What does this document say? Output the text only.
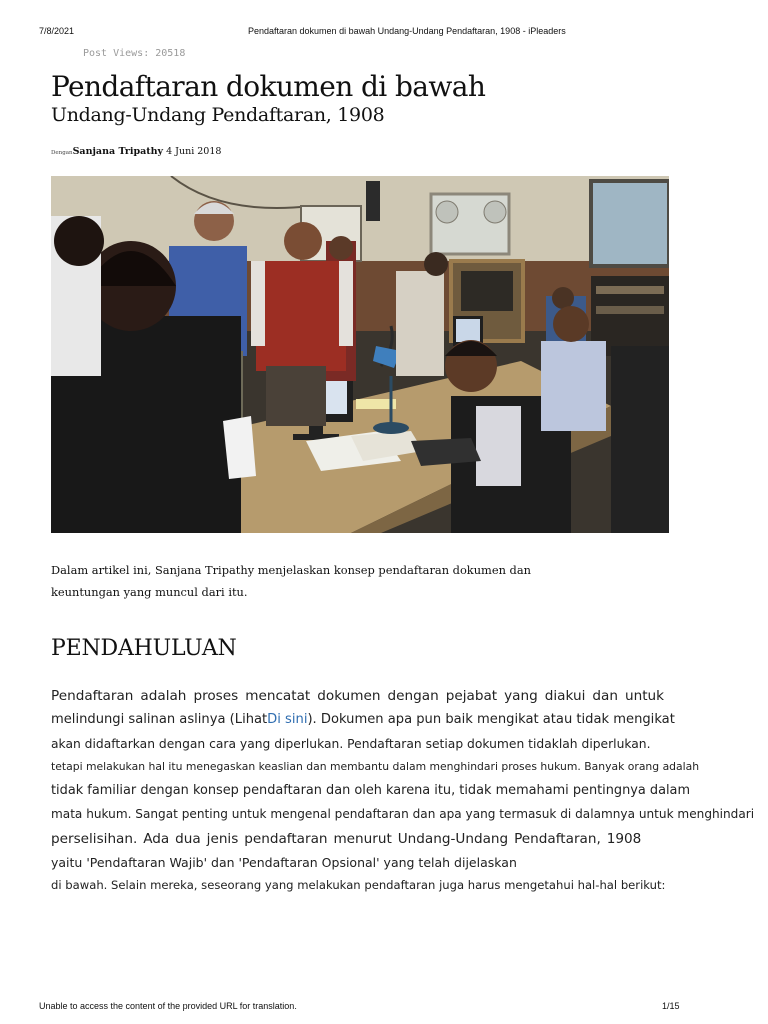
7/8/2021	Pendaftaran dokumen di bawah Undang-Undang Pendaftaran, 1908 - iPleaders
Post Views: 20518
Pendaftaran dokumen di bawah
Undang-Undang Pendaftaran, 1908
DenganSanjana Tripathy 4 Juni 2018
Dalam artikel ini, Sanjana Tripathy menjelaskan konsep pendaftaran dokumen dan
keuntungan yang muncul dari itu.
PENDAHULUAN
Pendaftaran adalah proses mencatat dokumen dengan pejabat yang diakui dan untuk
melindungi salinan aslinya (LihatDi sini). Dokumen apa pun baik mengikat atau tidak mengikat
akan didaftarkan dengan cara yang diperlukan. Pendaftaran setiap dokumen tidaklah diperlukan.
tetapi melakukan hal itu menegaskan keaslian dan membantu dalam menghindari proses hukum. Banyak orang adalah
tidak familiar dengan konsep pendaftaran dan oleh karena itu, tidak memahami pentingnya dalam
mata hukum. Sangat penting untuk mengenal pendaftaran dan apa yang termasuk di dalamnya untuk menghindari
perselisihan. Ada dua jenis pendaftaran menurut Undang-Undang Pendaftaran, 1908
yaitu 'Pendaftaran Wajib' dan 'Pendaftaran Opsional' yang telah dijelaskan
di bawah. Selain mereka, seseorang yang melakukan pendaftaran juga harus mengetahui hal-hal berikut:
Unable to access the content of the provided URL for translation.	1/15
